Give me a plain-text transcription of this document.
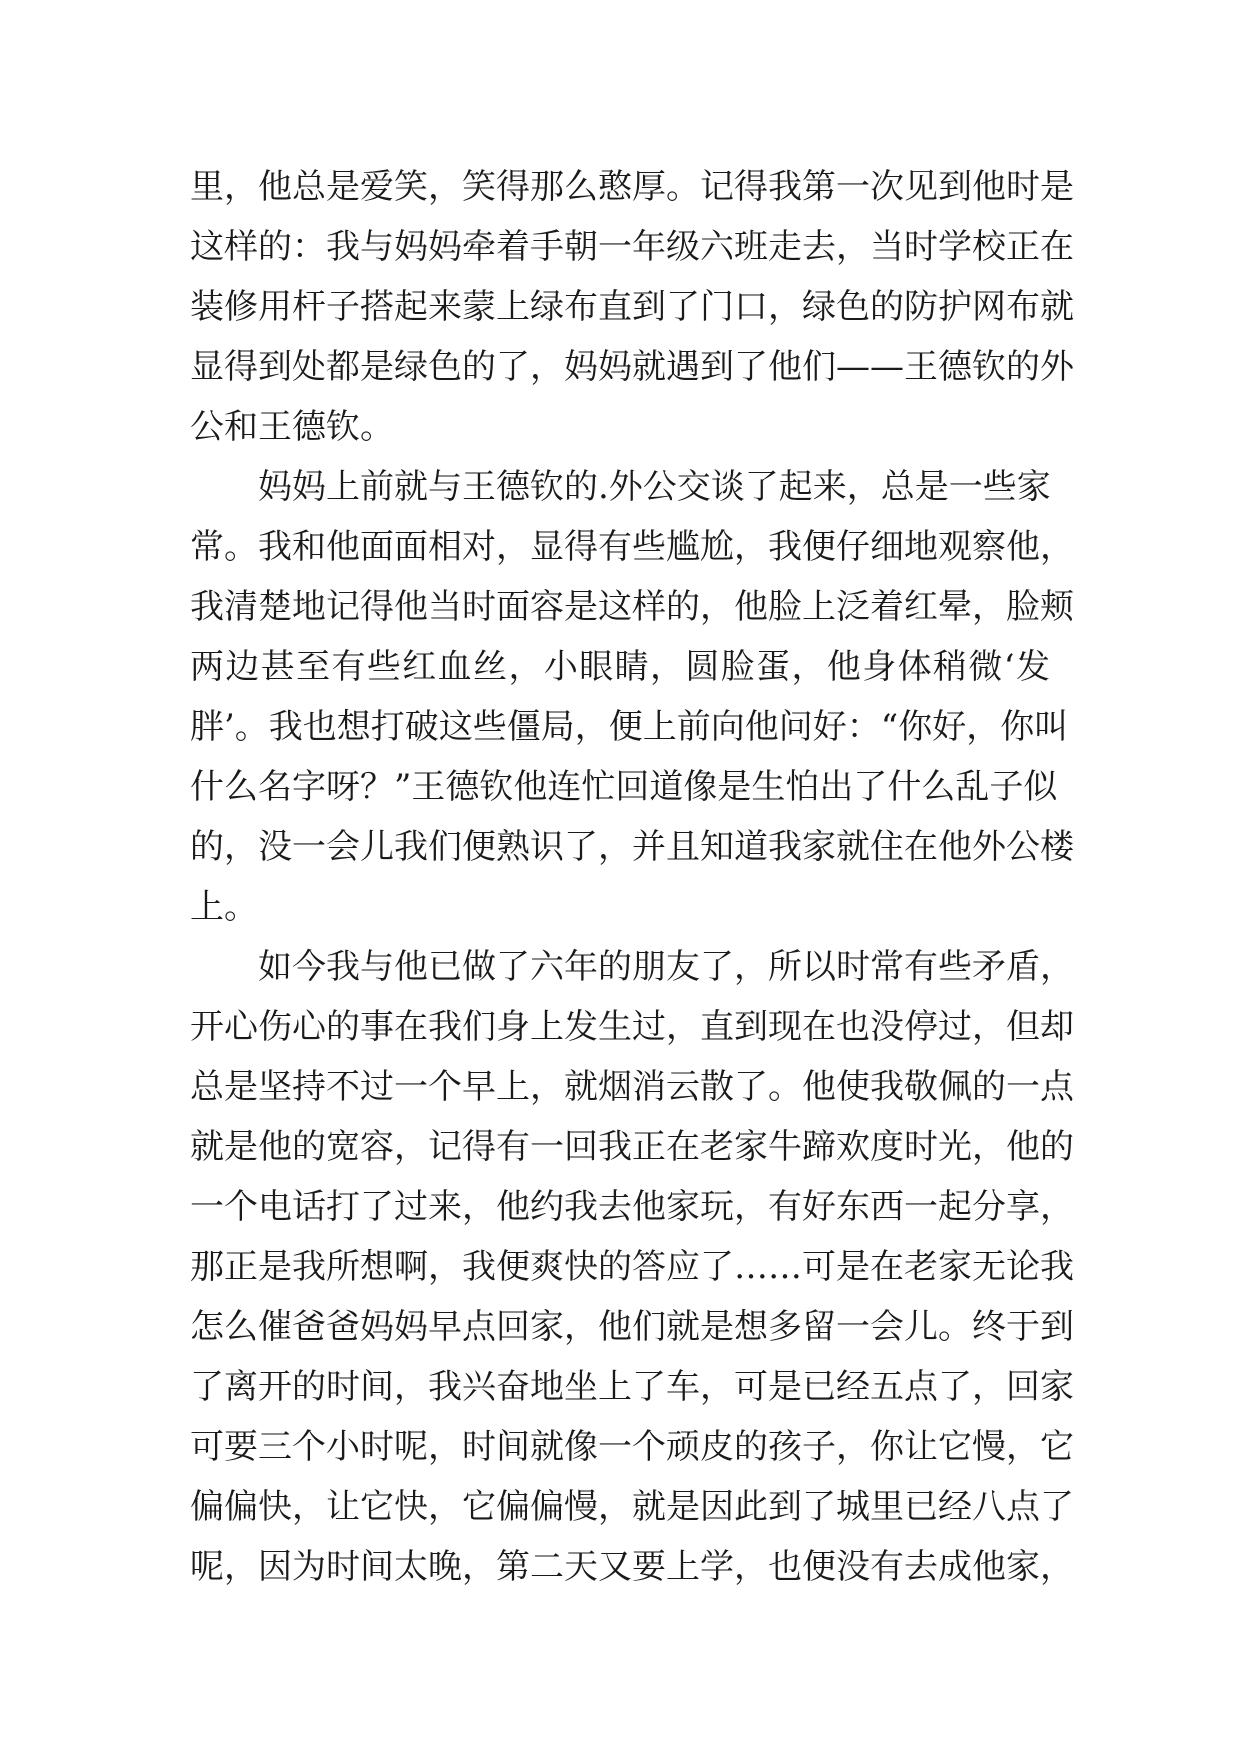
里，他总是爱笑，笑得那么憨厚。记得我第一次见到他时是
这样的：我与妈妈牵着手朝一年级六班走去，当时学校正在
装修用杆子搭起来蒙上绿布直到了门口，绿色的防护网布就
显得到处都是绿色的了，妈妈就遇到了他们——王德钦的外
公和王德钦。
　　妈妈上前就与王德钦的.外公交谈了起来，总是一些家
常。我和他面面相对，显得有些尴尬，我便仔细地观察他，
我清楚地记得他当时面容是这样的，他脸上泛着红晕，脸颊
两边甚至有些红血丝，小眼睛，圆脸蛋，他身体稍微‘发
胖’。我也想打破这些僵局，便上前向他问好：“你好，你叫
什么名字呀？”王德钦他连忙回道像是生怕出了什么乱子似
的，没一会儿我们便熟识了，并且知道我家就住在他外公楼
上。
　　如今我与他已做了六年的朋友了，所以时常有些矛盾，
开心伤心的事在我们身上发生过，直到现在也没停过，但却
总是坚持不过一个早上，就烟消云散了。他使我敬佩的一点
就是他的宽容，记得有一回我正在老家牛蹄欢度时光，他的
一个电话打了过来，他约我去他家玩，有好东西一起分享，
那正是我所想啊，我便爽快的答应了……可是在老家无论我
怎么催爸爸妈妈早点回家，他们就是想多留一会儿。终于到
了离开的时间，我兴奋地坐上了车，可是已经五点了，回家
可要三个小时呢，时间就像一个顽皮的孩子，你让它慢，它
偏偏快，让它快，它偏偏慢，就是因此到了城里已经八点了
呢，因为时间太晚，第二天又要上学，也便没有去成他家，
